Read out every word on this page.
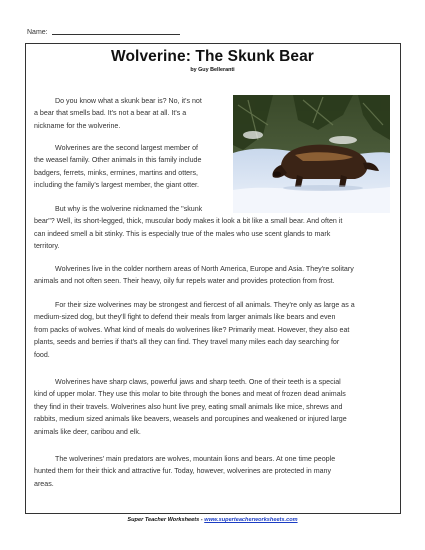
Name:
Wolverine: The Skunk Bear
by Guy Belleranti

Do you know what a skunk bear is? No, it's not
a bear that smells bad. It's not a bear at all. It's a
nickname for the wolverine.

Wolverines are the second largest member of
the weasel family. Other animals in this family include
badgers, ferrets, minks, ermines, martins and otters,
including the family's largest member, the giant otter.

But why is the wolverine nicknamed the "skunk
bear"? Well, its short-legged, thick, muscular body makes it look a bit like a small bear. And often it
can indeed smell a bit stinky. This is especially true of the males who use scent glands to mark
territory.

Wolverines live in the colder northern areas of North America, Europe and Asia. They're solitary
animals and not often seen. Their heavy, oily fur repels water and provides protection from frost.

For their size wolverines may be strongest and fiercest of all animals. They're only as large as a
medium-sized dog, but they'll fight to defend their meals from larger animals like bears and even
from packs of wolves. What kind of meals do wolverines like? Primarily meat. However, they also eat
plants, seeds and berries if that's all they can find. They travel many miles each day searching for
food.

Wolverines have sharp claws, powerful jaws and sharp teeth. One of their teeth is a special
kind of upper molar. They use this molar to bite through the bones and meat of frozen dead animals
they find in their travels. Wolverines also hunt live prey, eating small animals like mice, shrews and
rabbits, medium sized animals like beavers, weasels and porcupines and weakened or injured large
animals like deer, caribou and elk.

The wolverines' main predators are wolves, mountain lions and bears. At one time people
hunted them for their thick and attractive fur. Today, however, wolverines are protected in many
areas.

Super Teacher Worksheets - www.superteacherworksheets.com
